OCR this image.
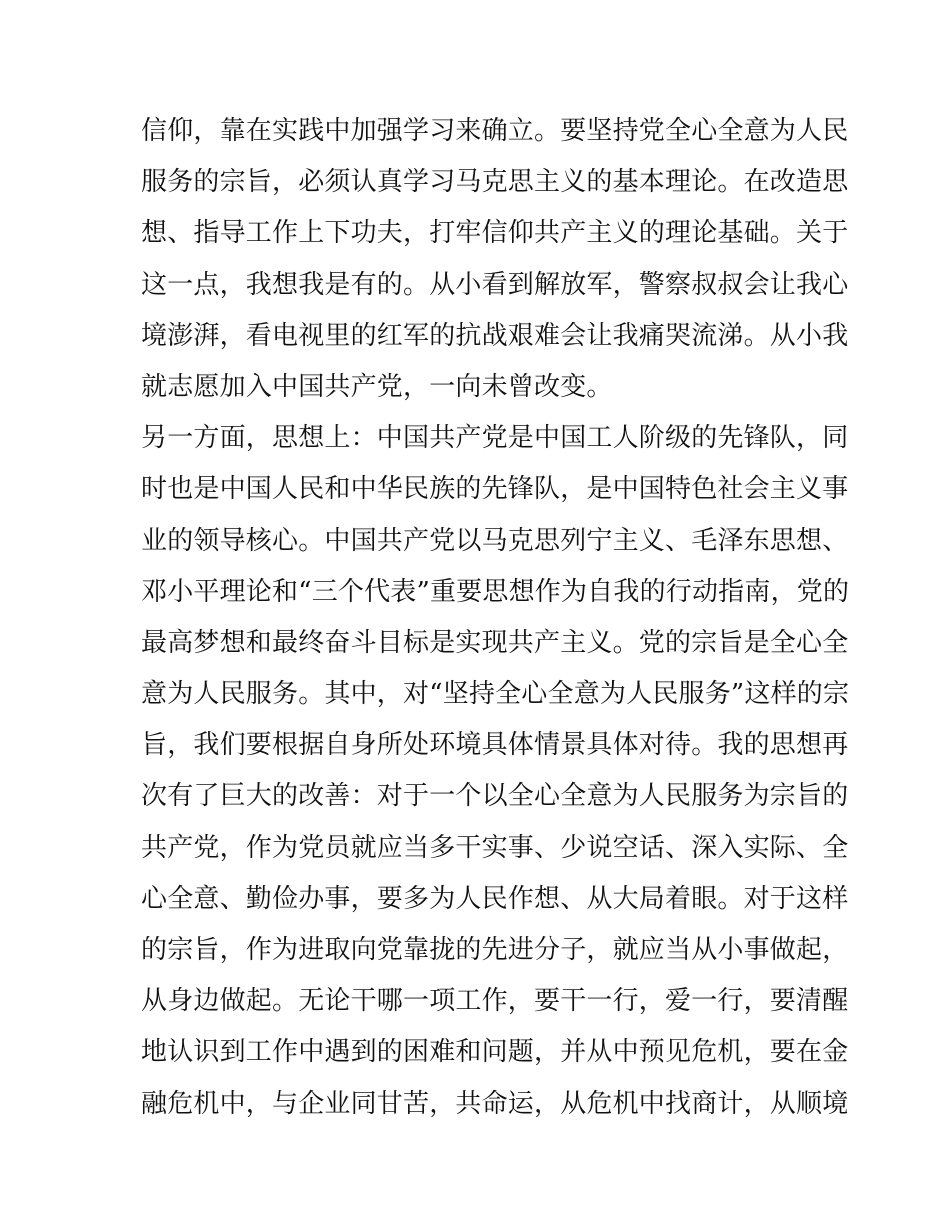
信仰，靠在实践中加强学习来确立。要坚持党全心全意为人民
服务的宗旨，必须认真学习马克思主义的基本理论。在改造思
想、指导工作上下功夫，打牢信仰共产主义的理论基础。关于
这一点，我想我是有的。从小看到解放军，警察叔叔会让我心
境澎湃，看电视里的红军的抗战艰难会让我痛哭流涕。从小我
就志愿加入中国共产党，一向未曾改变。
另一方面，思想上：中国共产党是中国工人阶级的先锋队，同
时也是中国人民和中华民族的先锋队，是中国特色社会主义事
业的领导核心。中国共产党以马克思列宁主义、毛泽东思想、
邓小平理论和“三个代表”重要思想作为自我的行动指南，党的
最高梦想和最终奋斗目标是实现共产主义。党的宗旨是全心全
意为人民服务。其中，对“坚持全心全意为人民服务”这样的宗
旨，我们要根据自身所处环境具体情景具体对待。我的思想再
次有了巨大的改善：对于一个以全心全意为人民服务为宗旨的
共产党，作为党员就应当多干实事、少说空话、深入实际、全
心全意、勤俭办事，要多为人民作想、从大局着眼。对于这样
的宗旨，作为进取向党靠拢的先进分子，就应当从小事做起，
从身边做起。无论干哪一项工作，要干一行，爱一行，要清醒
地认识到工作中遇到的困难和问题，并从中预见危机，要在金
融危机中，与企业同甘苦，共命运，从危机中找商计，从顺境
